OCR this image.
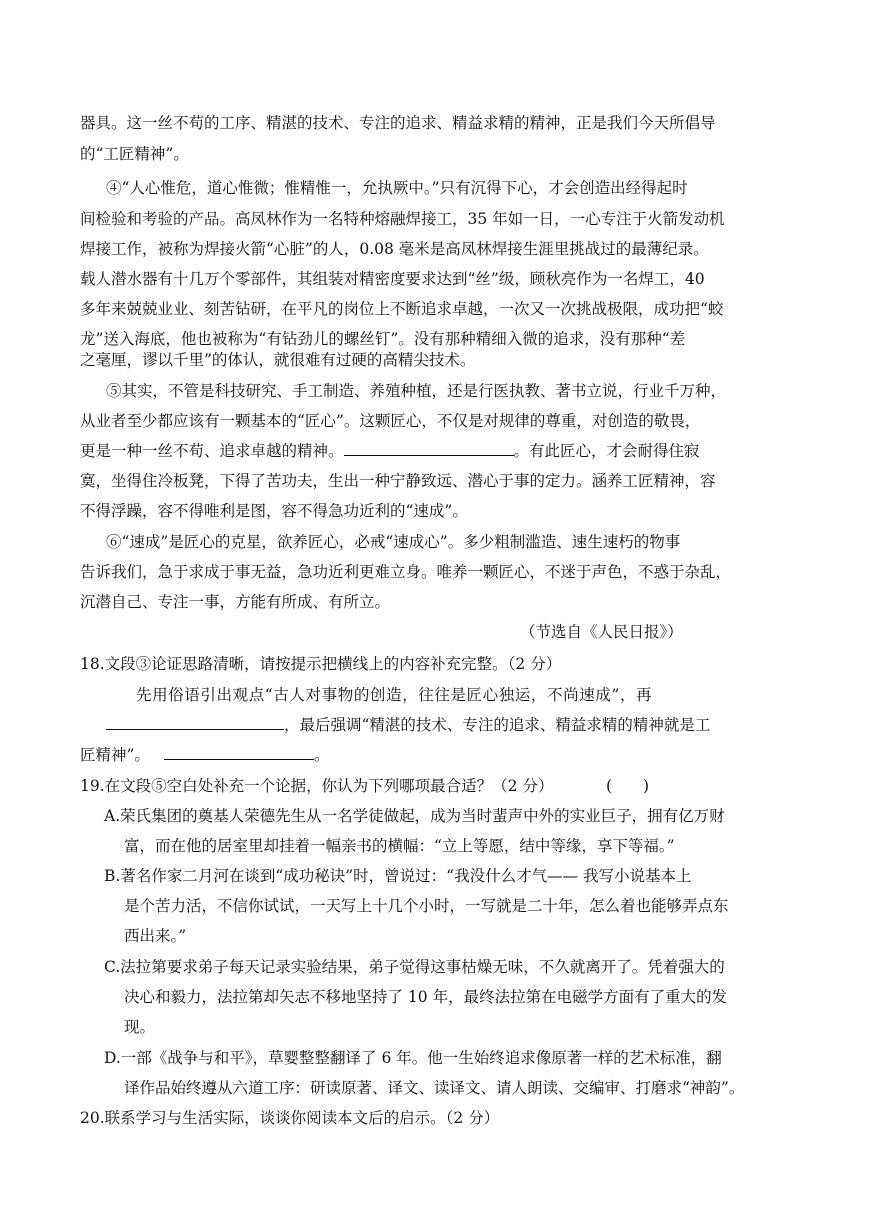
器具。这一丝不苟的工序、精湛的技术、专注的追求、精益求精的精神，正是我们今天所倡导
的“工匠精神”。
④“人心惟危，道心惟微；惟精惟一，允执厥中。”只有沉得下心，才会创造出经得起时
间检验和考验的产品。高凤林作为一名特种熔融焊接工，35 年如一日，一心专注于火箭发动机
焊接工作，被称为焊接火箭“心脏”的人，0.08 毫米是高凤林焊接生涯里挑战过的最薄纪录。
载人潜水器有十几万个零部件，其组装对精密度要求达到“丝”级，顾秋亮作为一名焊工，40
多年来兢兢业业、刻苦钻研，在平凡的岗位上不断追求卓越，一次又一次挑战极限，成功把“蛟
龙”送入海底，他也被称为“有钻劲儿的螺丝钉”。没有那种精细入微的追求，没有那种“差
之毫厘，谬以千里”的体认，就很难有过硬的高精尖技术。
⑤其实，不管是科技研究、手工制造、养殖种植，还是行医执教、著书立说，行业千万种，
从业者至少都应该有一颗基本的“匠心”。这颗匠心，不仅是对规律的尊重，对创造的敬畏，
更是一种一丝不苟、追求卓越的精神。	。有此匠心，才会耐得住寂
寞，坐得住冷板凳，下得了苦功夫，生出一种宁静致远、潜心于事的定力。涵养工匠精神，容
不得浮躁，容不得唯利是图，容不得急功近利的“速成”。
⑥“速成”是匠心的克星，欲养匠心，必戒“速成心”。多少粗制滥造、速生速朽的物事
告诉我们，急于求成于事无益，急功近利更难立身。唯养一颗匠心，不迷于声色，不惑于杂乱，
沉潜自己、专注一事，方能有所成、有所立。
（节选自《人民日报》）
18.文段③论证思路清晰，请按提示把横线上的内容补充完整。（2 分）
先用俗语引出观点“古人对事物的创造，往往是匠心独运，不尚速成”，再
，最后强调“精湛的技术、专注的追求、精益求精的精神就是工
匠精神”。	。
19.在文段⑤空白处补充一个论据，你认为下列哪项最合适？（2 分）	(　　)
A.荣氏集团的奠基人荣德先生从一名学徒做起，成为当时蜚声中外的实业巨子，拥有亿万财
富，而在他的居室里却挂着一幅亲书的横幅：“立上等愿，结中等缘，享下等福。”
B.著名作家二月河在谈到“成功秘诀”时，曾说过：“我没什么才气—— 我写小说基本上
是个苦力活，不信你试试，一天写上十几个小时，一写就是二十年，怎么着也能够弄点东
西出来。”
C.法拉第要求弟子每天记录实验结果，弟子觉得这事枯燥无味，不久就离开了。凭着强大的
决心和毅力，法拉第却矢志不移地坚持了 10 年，最终法拉第在电磁学方面有了重大的发
现。
D.一部《战争与和平》，草婴整整翻译了 6 年。他一生始终追求像原著一样的艺术标准，翻
译作品始终遵从六道工序：研读原著、译文、读译文、请人朗读、交编审、打磨求“神韵”。
20.联系学习与生活实际，谈谈你阅读本文后的启示。（2 分）
